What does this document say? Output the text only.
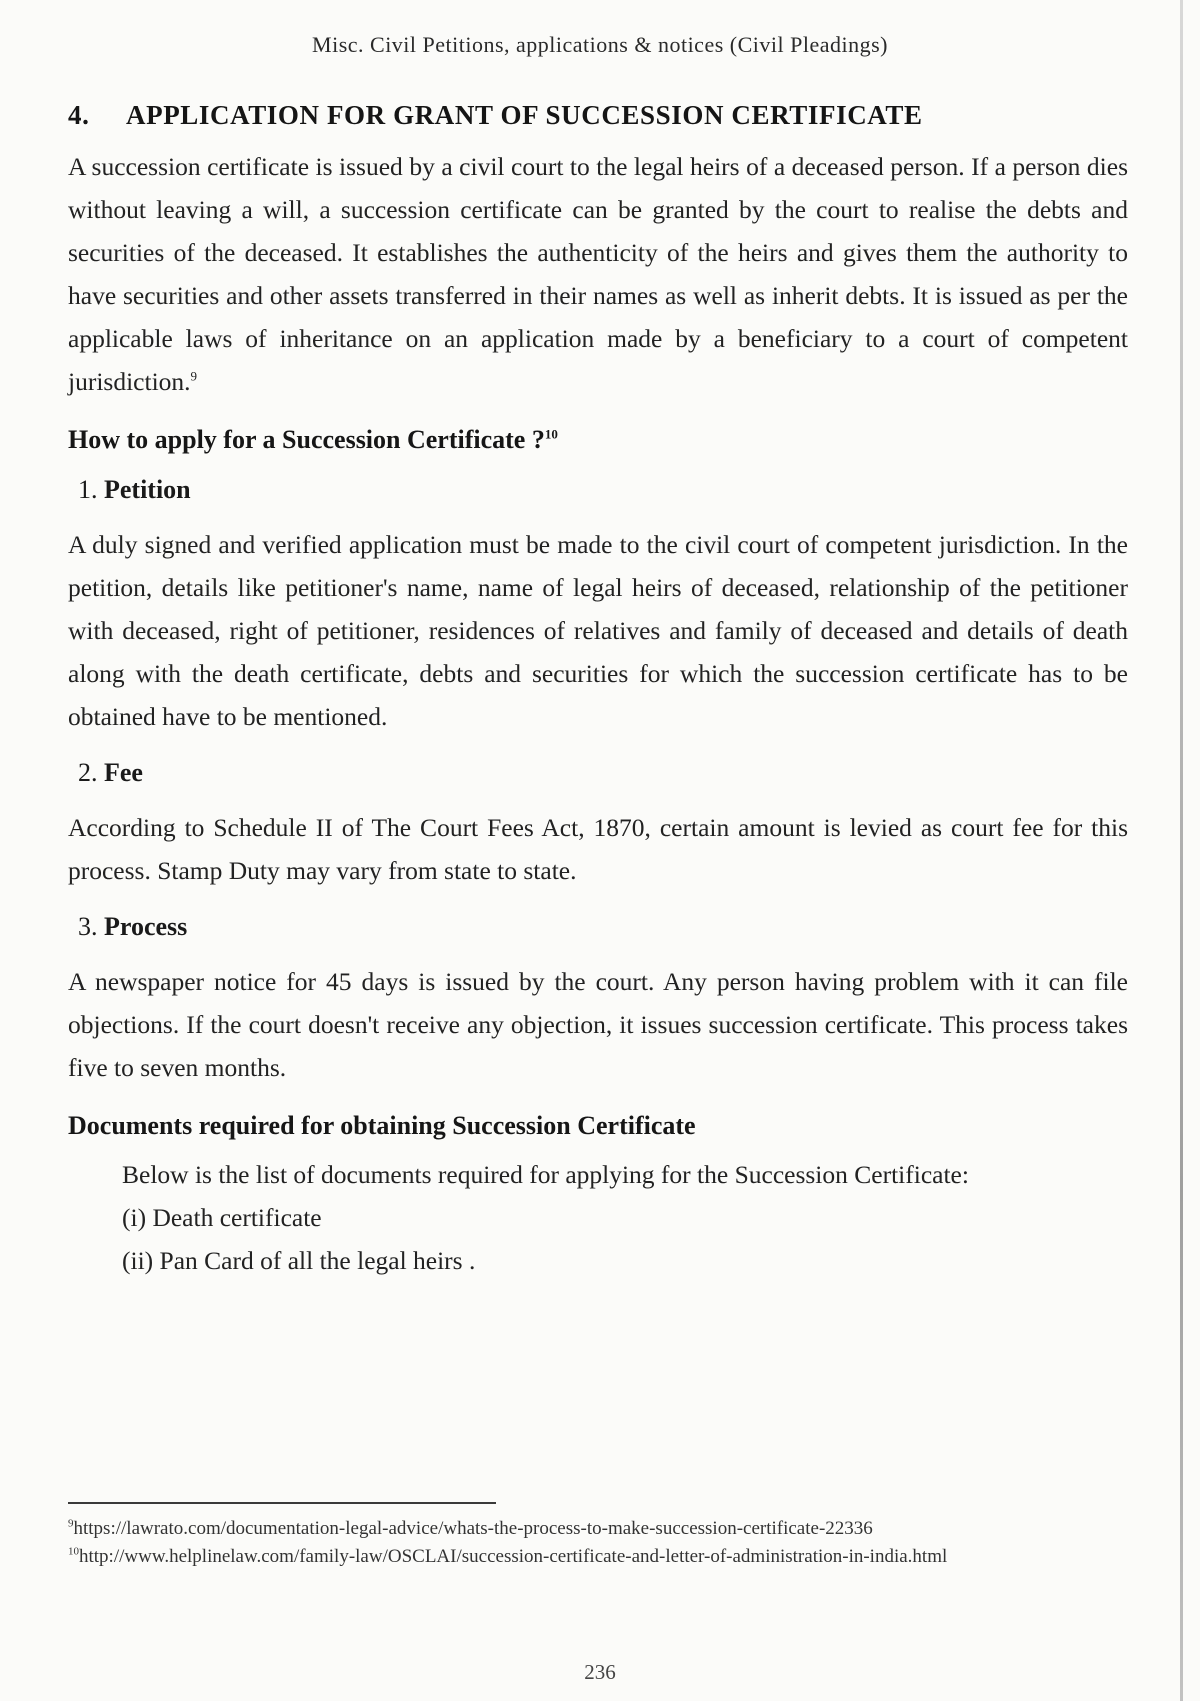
Misc. Civil Petitions, applications & notices (Civil Pleadings)
4. APPLICATION FOR GRANT OF SUCCESSION CERTIFICATE

A succession certificate is issued by a civil court to the legal heirs of a deceased person. If a person dies without leaving a will, a succession certificate can be granted by the court to realise the debts and securities of the deceased. It establishes the authenticity of the heirs and gives them the authority to have securities and other assets transferred in their names as well as inherit debts. It is issued as per the applicable laws of inheritance on an application made by a beneficiary to a court of competent jurisdiction.$^9$

How to apply for a Succession Certificate ?$^{10}$
1. Petition

A duly signed and verified application must be made to the civil court of competent jurisdiction. In the petition, details like petitioner's name, name of legal heirs of deceased, relationship of the petitioner with deceased, right of petitioner, residences of relatives and family of deceased and details of death along with the death certificate, debts and securities for which the succession certificate has to be obtained have to be mentioned.

2. Fee

According to Schedule II of The Court Fees Act, 1870, certain amount is levied as court fee for this process. Stamp Duty may vary from state to state.

3. Process

A newspaper notice for 45 days is issued by the court. Any person having problem with it can file objections. If the court doesn't receive any objection, it issues succession certificate. This process takes five to seven months.

Documents required for obtaining Succession Certificate

Below is the list of documents required for applying for the Succession Certificate:

(i) Death certificate
(ii) Pan Card of all the legal heirs .
$^9$https://lawrato.com/documentation-legal-advice/whats-the-process-to-make-succession-certificate-22336
$^{10}$http://www.helplinelaw.com/family-law/OSCLAI/succession-certificate-and-letter-of-administration-in-india.html
236
